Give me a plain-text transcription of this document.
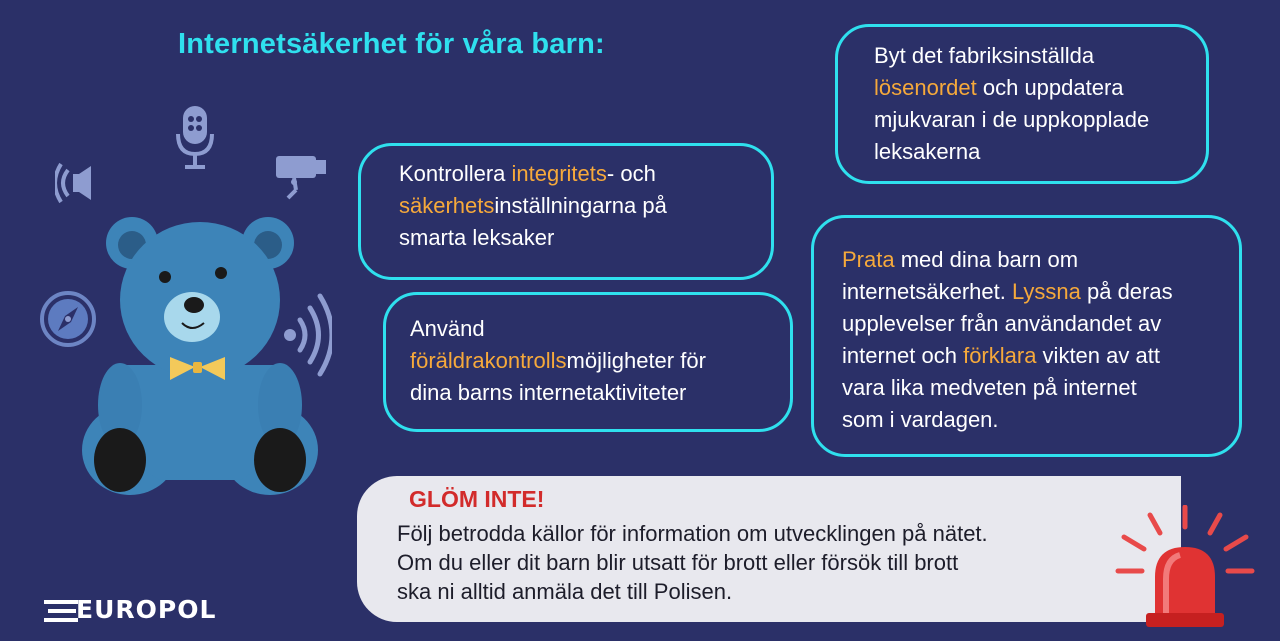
Internetsäkerhet för våra barn:
Kontrollera integritets- och
säkerhetsinställningarna på
smarta leksaker
Använd
föräldrakontrollsmöjligheter för
dina barns internetaktiviteter
Byt det fabriksinställda
lösenordet och uppdatera
mjukvaran i de uppkopplade
leksakerna
Prata med dina barn om
internetsäkerhet. Lyssna på deras
upplevelser från användandet av
internet och förklara vikten av att
vara lika medveten på internet
som i vardagen.
GLÖM INTE!
Följ betrodda källor för information om utvecklingen på nätet.
Om du eller dit barn blir utsatt för brott eller försök till brott
ska ni alltid anmäla det till Polisen.
EUROPOL
